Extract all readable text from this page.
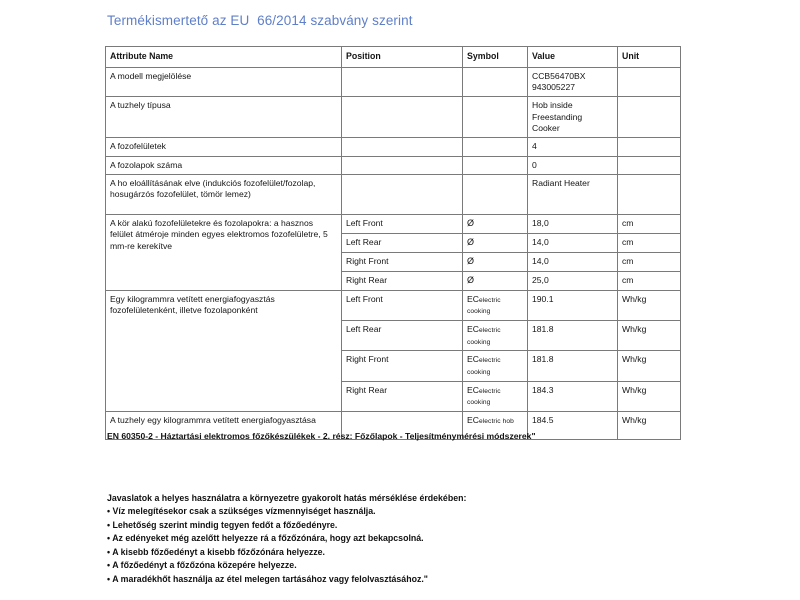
Termékismertető az EU  66/2014 szabvány szerint
Attribute Name	Position	Symbol	Value	Unit
A modell megjelölése			CCB56470BX
943005227	
A tuzhely típusa			Hob inside
Freestanding
Cooker	
A fozofelületek			4	
A fozolapok száma			0	
A ho eloállításának elve (indukciós fozofelület/fozolap, hosugárzós fozofelület, tömör lemez)			Radiant Heater	
A kör alakú fozofelületekre és fozolapokra: a hasznos felület átméroje minden egyes elektromos fozofelületre, 5 mm-re kerekítve	Left Front	Ø	18,0	cm
	Left Rear	Ø	14,0	cm
	Right Front	Ø	14,0	cm
	Right Rear	Ø	25,0	cm
Egy kilogrammra vetített energiafogyasztás fozofelületenként, illetve fozolaponként	Left Front	ECelectric cooking	190.1	Wh/kg
	Left Rear	ECelectric cooking	181.8	Wh/kg
	Right Front	ECelectric cooking	181.8	Wh/kg
	Right Rear	ECelectric cooking	184.3	Wh/kg
A tuzhely egy kilogrammra vetített energiafogyasztása		ECelectric hob	184.5	Wh/kg
EN 60350-2 - Háztartási elektromos főzőkészülékek - 2. rész: Főzőlapok - Teljesítménymérési módszerek"
Javaslatok a helyes használatra a környezetre gyakorolt hatás mérséklése érdekében:
• Víz melegítésekor csak a szükséges vízmennyiséget használja.
• Lehetőség szerint mindig tegyen fedőt a főzőedényre.
• Az edényeket még azelőtt helyezze rá a főzőzónára, hogy azt bekapcsolná.
• A kisebb főzőedényt a kisebb főzőzónára helyezze.
• A főzőedényt a főzőzóna közepére helyezze.
• A maradékhőt használja az étel melegen tartásához vagy felolvasztásához."
